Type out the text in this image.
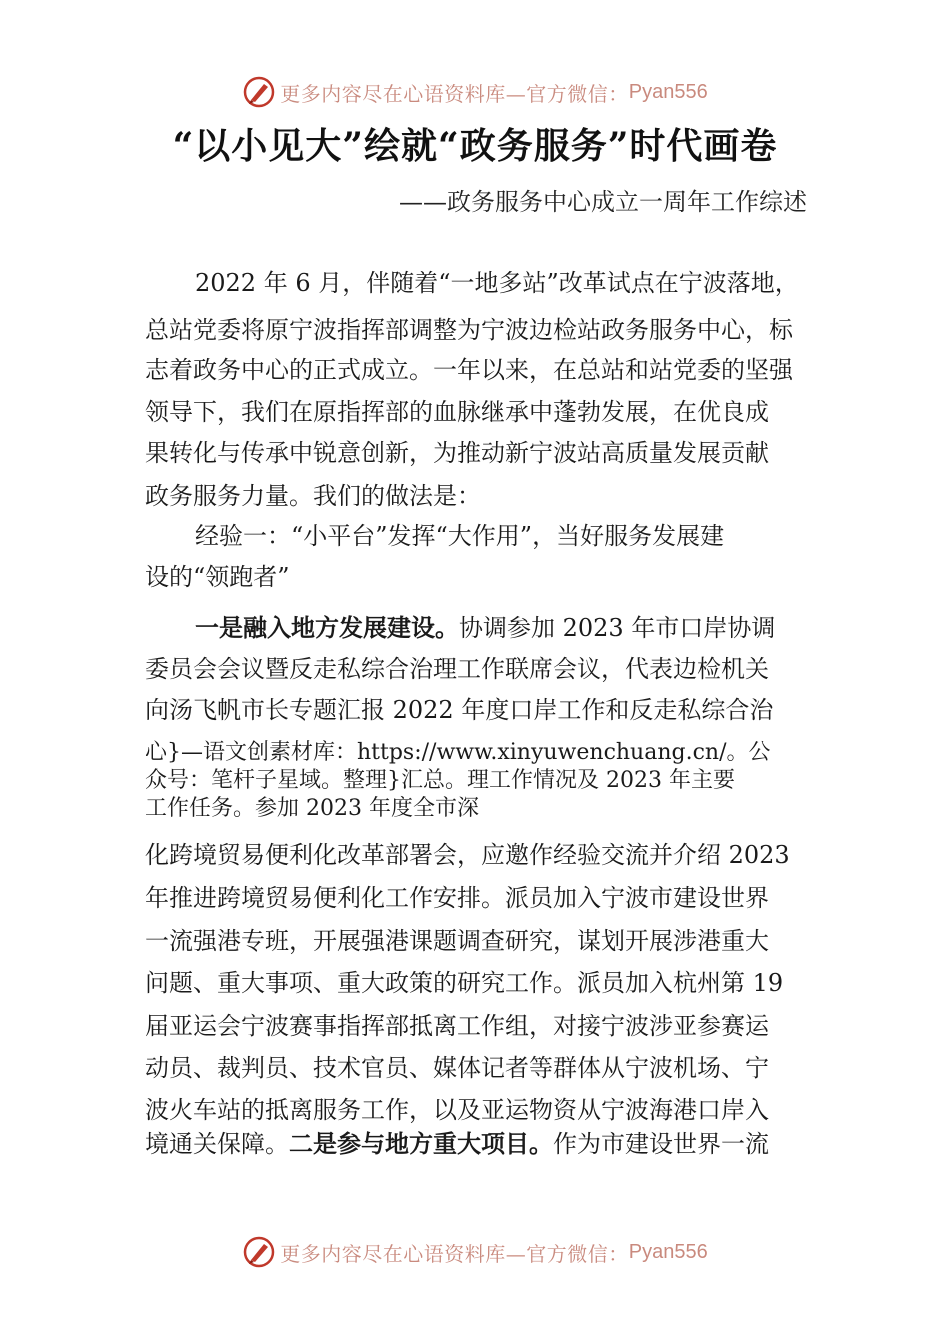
更多内容尽在心语资料库—官方微信： Pyan556
“以小见大”绘就“政务服务”时代画卷
——政务服务中心成立一周年工作综述
2022 年 6 月，伴随着“一地多站”改革试点在宁波落地，
总站党委将原宁波指挥部调整为宁波边检站政务服务中心，标
志着政务中心的正式成立。一年以来，在总站和站党委的坚强
领导下，我们在原指挥部的血脉继承中蓬勃发展，在优良成
果转化与传承中锐意创新，为推动新宁波站高质量发展贡献
政务服务力量。我们的做法是：
经验一：“小平台”发挥“大作用”，当好服务发展建
设的“领跑者”
一是融入地方发展建设。协调参加 2023 年市口岸协调
委员会会议暨反走私综合治理工作联席会议，代表边检机关
向汤飞帆市长专题汇报 2022 年度口岸工作和反走私综合治
心}—语文创素材库：https://www.xinyuwenchuang.cn/。公
众号：笔杆子星域。整理}汇总。理工作情况及 2023 年主要
工作任务。参加 2023 年度全市深
化跨境贸易便利化改革部署会，应邀作经验交流并介绍 2023
年推进跨境贸易便利化工作安排。派员加入宁波市建设世界
一流强港专班，开展强港课题调查研究，谋划开展涉港重大
问题、重大事项、重大政策的研究工作。派员加入杭州第 19
届亚运会宁波赛事指挥部抵离工作组，对接宁波涉亚参赛运
动员、裁判员、技术官员、媒体记者等群体从宁波机场、宁
波火车站的抵离服务工作，以及亚运物资从宁波海港口岸入
境通关保障。二是参与地方重大项目。作为市建设世界一流
更多内容尽在心语资料库—官方微信： Pyan556
